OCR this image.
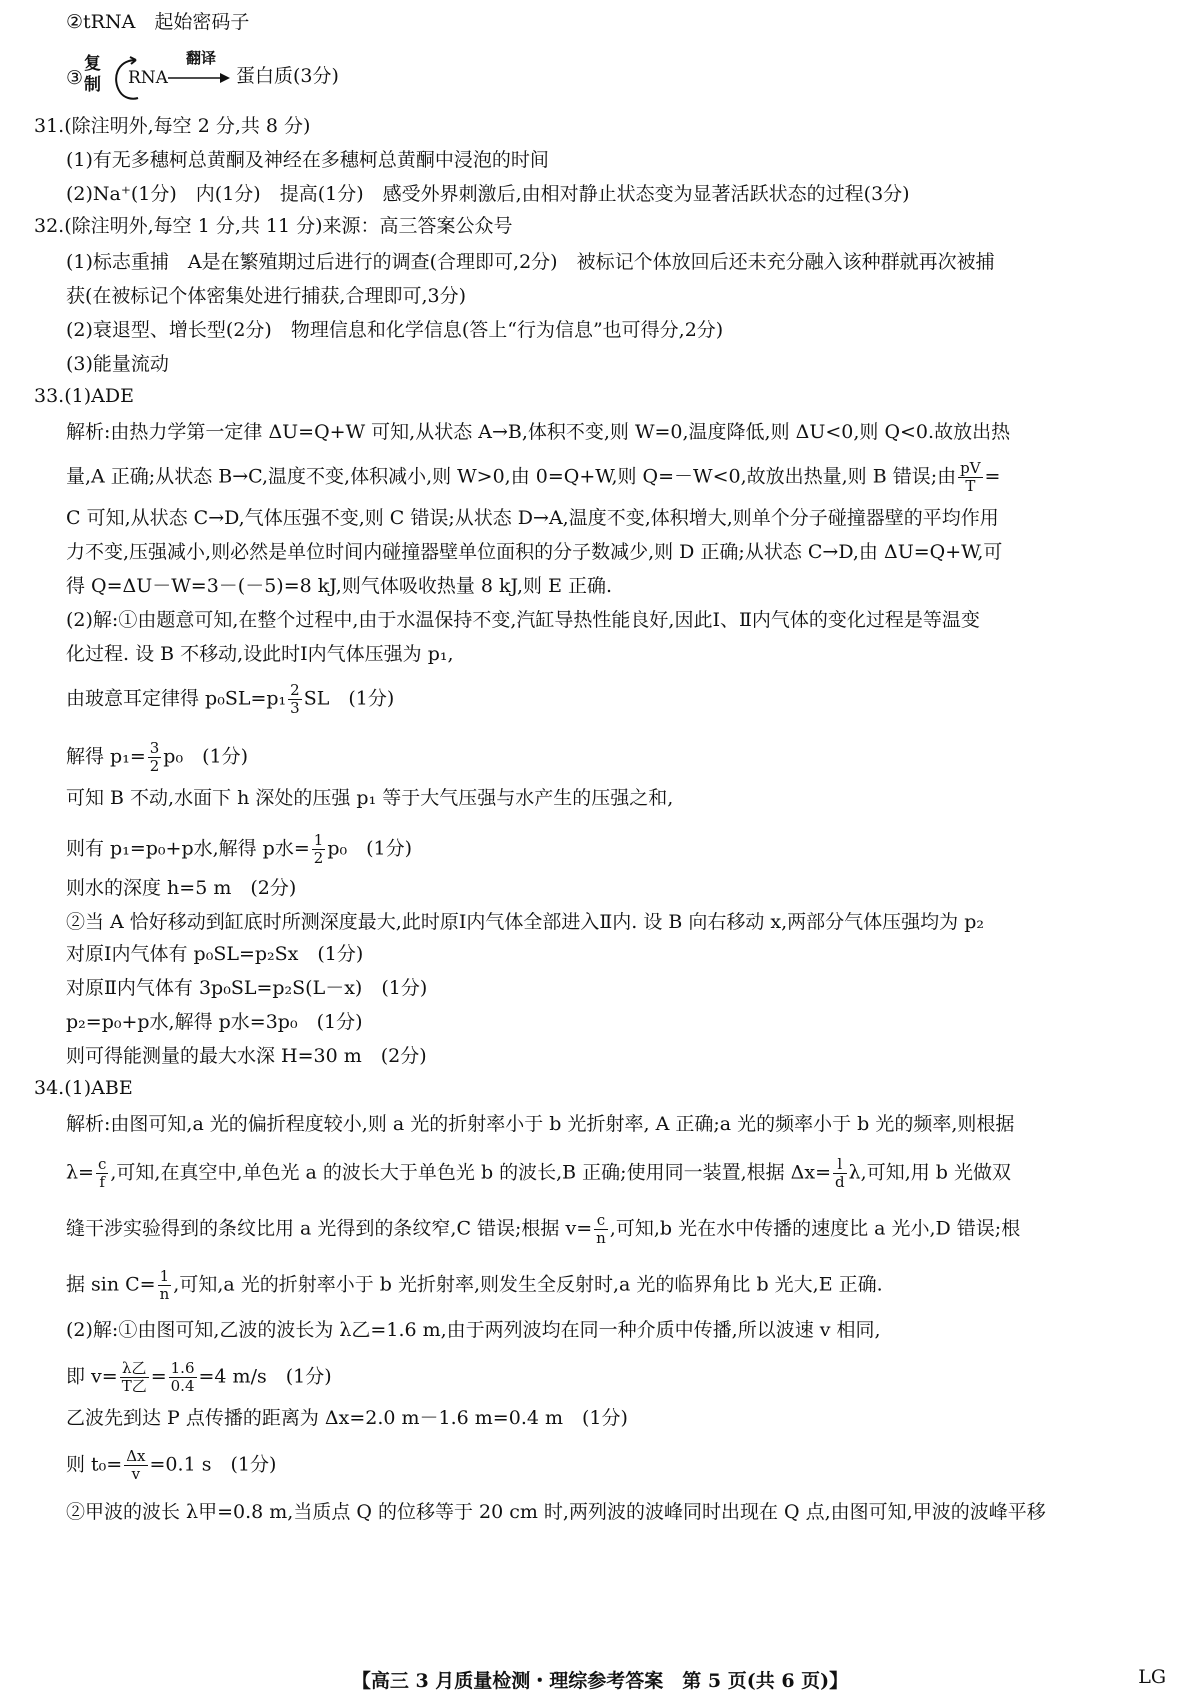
②tRNA　起始密码子
③
复
制 RNA
翻译
蛋白质(3分)
31.(除注明外,每空 2 分,共 8 分)
(1)有无多穗柯总黄酮及神经在多穗柯总黄酮中浸泡的时间
(2)Na⁺(1分)　内(1分)　提高(1分)　感受外界刺激后,由相对静止状态变为显著活跃状态的过程(3分)
32.(除注明外,每空 1 分,共 11 分)来源：高三答案公众号
(1)标志重捕　A是在繁殖期过后进行的调查(合理即可,2分)　被标记个体放回后还未充分融入该种群就再次被捕
获(在被标记个体密集处进行捕获,合理即可,3分)
(2)衰退型、增长型(2分)　物理信息和化学信息(答上“行为信息”也可得分,2分)
(3)能量流动
33.(1)ADE
解析:由热力学第一定律 ΔU=Q+W 可知,从状态 A→B,体积不变,则 W=0,温度降低,则 ΔU<0,则 Q<0.故放出热
量,A 正确;从状态 B→C,温度不变,体积减小,则 W>0,由 0=Q+W,则 Q=－W<0,故放出热量,则 B 错误;由 $\frac{pV}{T}$ =
C 可知,从状态 C→D,气体压强不变,则 C 错误;从状态 D→A,温度不变,体积增大,则单个分子碰撞器壁的平均作用
力不变,压强减小,则必然是单位时间内碰撞器壁单位面积的分子数减少,则 D 正确;从状态 C→D,由 ΔU=Q+W,可
得 Q=ΔU－W=3－(－5)=8 kJ,则气体吸收热量 8 kJ,则 E 正确.
(2)解:①由题意可知,在整个过程中,由于水温保持不变,汽缸导热性能良好,因此Ⅰ、Ⅱ内气体的变化过程是等温变
化过程. 设 B 不移动,设此时Ⅰ内气体压强为 p₁,
由玻意耳定律得 $p_0SL=p_1 \frac{2}{3}$ SL　(1分)
解得 $p_1= \frac{3}{2} p_0$　(1分)
可知 B 不动,水面下 h 深处的压强 p₁ 等于大气压强与水产生的压强之和,
则有 p₁=p₀+p水,解得 p水= $\frac{1}{2} p_0$　(1分)
则水的深度 h=5 m　(2分)
②当 A 恰好移动到缸底时所测深度最大,此时原Ⅰ内气体全部进入Ⅱ内. 设 B 向右移动 x,两部分气体压强均为 p₂
对原Ⅰ内气体有 p₀SL=p₂Sx　(1分)
对原Ⅱ内气体有 3p₀SL=p₂S(L－x)　(1分)
p₂=p₀+p水,解得 p水=3p₀　(1分)
则可得能测量的最大水深 H=30 m　(2分)
34.(1)ABE
解析:由图可知,a 光的偏折程度较小,则 a 光的折射率小于 b 光折射率, A 正确;a 光的频率小于 b 光的频率,则根据
$\lambda= \frac{c}{f}$ ,可知,在真空中,单色光 a 的波长大于单色光 b 的波长,B 正确;使用同一装置,根据 $\Delta x= \frac{l}{d} \lambda$,可知,用 b 光做双
缝干涉实验得到的条纹比用 a 光得到的条纹窄,C 错误;根据 $v= \frac{c}{n}$ ,可知,b 光在水中传播的速度比 a 光小,D 错误;根
据 $\sin C= \frac{1}{n}$ ,可知,a 光的折射率小于 b 光折射率,则发生全反射时,a 光的临界角比 b 光大,E 正确.
(2)解:①由图可知,乙波的波长为 λ乙=1.6 m,由于两列波均在同一种介质中传播,所以波速 v 相同,
即 $v= \frac{\text{λ乙}}{\text{T乙}} = \frac{1.6}{0.4} =4$ m/s　(1分)
乙波先到达 P 点传播的距离为 Δx=2.0 m－1.6 m=0.4 m　(1分)
则 $t_0= \frac{\Delta x}{v} =0.1$ s　(1分)
②甲波的波长 λ甲=0.8 m,当质点 Q 的位移等于 20 cm 时,两列波的波峰同时出现在 Q 点,由图可知,甲波的波峰平移
【高三 3 月质量检测・理综参考答案　第 5 页(共 6 页)】	LG
